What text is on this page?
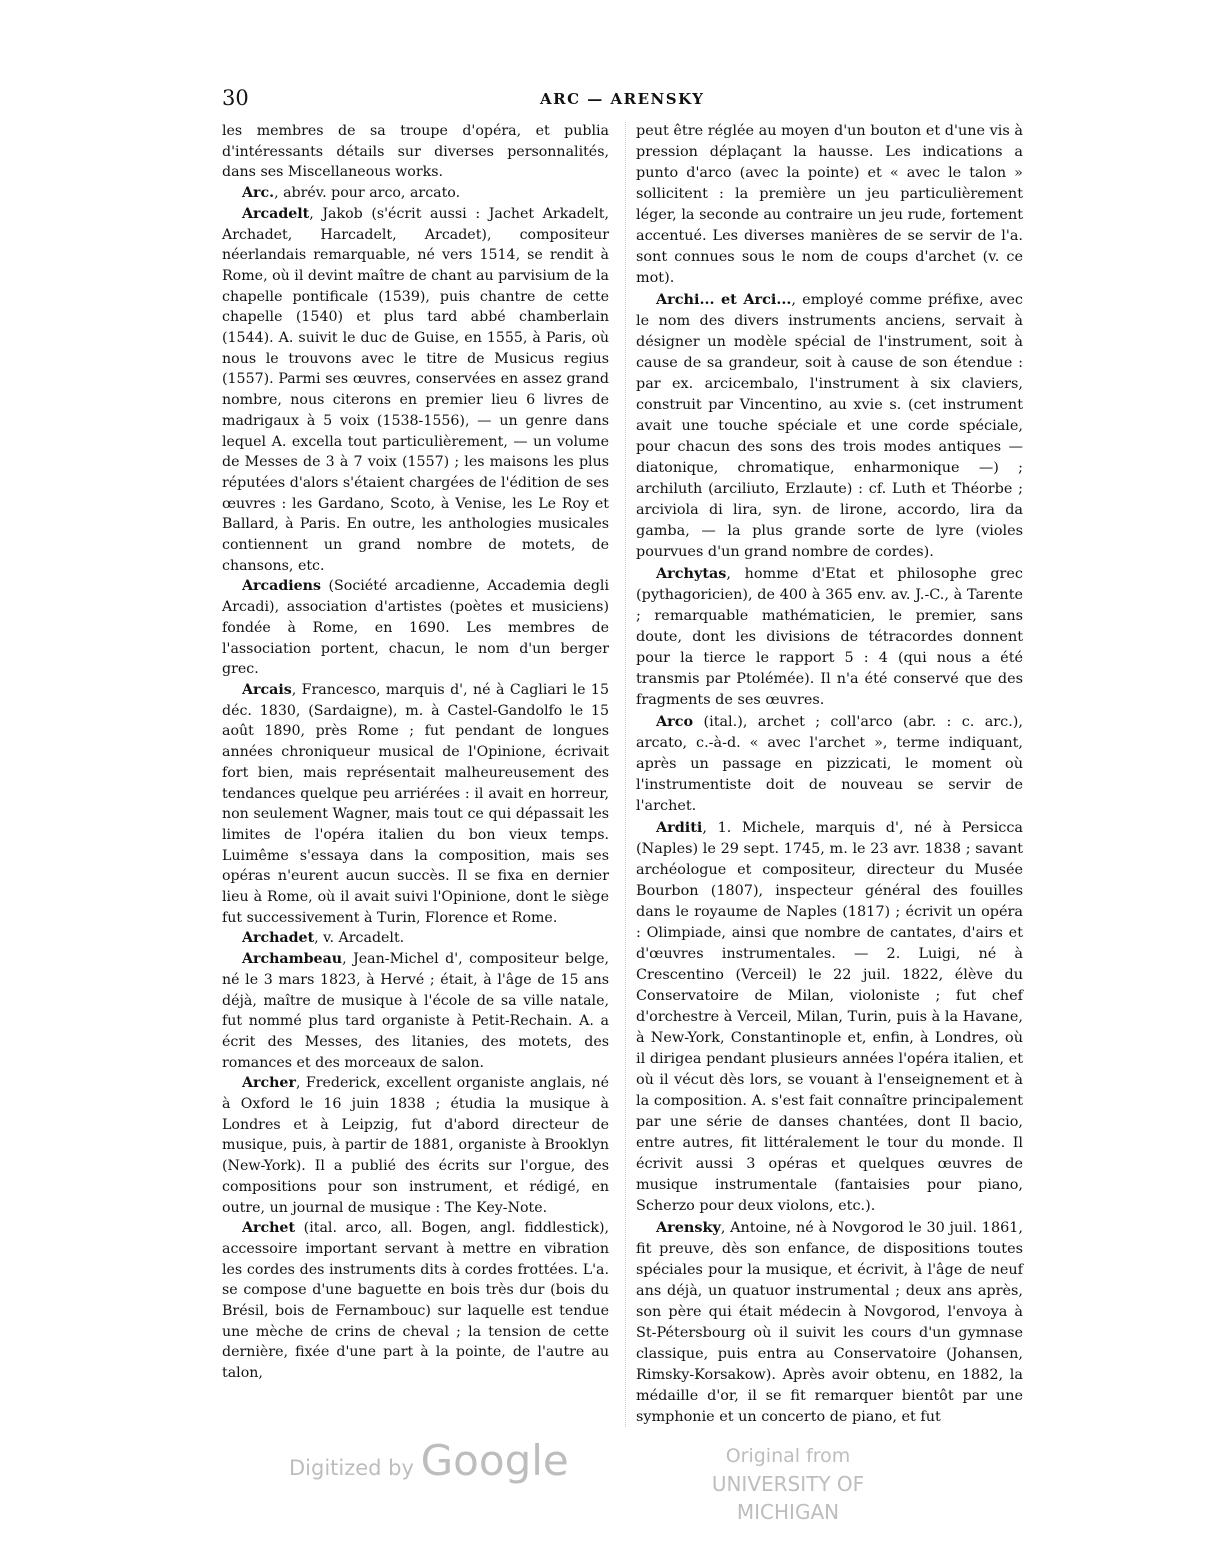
30	ARC — ARENSKY

les membres de sa troupe d'opéra, et publia d'intéressants détails sur diverses personnalités, dans ses Miscellaneous works.

Arc., abrév. pour arco, arcato.

Arcadelt, Jakob (s'écrit aussi : Jachet Arkadelt, Archadet, Harcadelt, Arcadet), compositeur néerlandais remarquable, né vers 1514, se rendit à Rome, où il devint maître de chant au parvisium de la chapelle pontificale (1539), puis chantre de cette chapelle (1540) et plus tard abbé chamberlain (1544). A. suivit le duc de Guise, en 1555, à Paris, où nous le trouvons avec le titre de Musicus regius (1557). Parmi ses œuvres, conservées en assez grand nombre, nous citerons en premier lieu 6 livres de madrigaux à 5 voix (1538-1556), — un genre dans lequel A. excella tout particulièrement, — un volume de Messes de 3 à 7 voix (1557) ; les maisons les plus réputées d'alors s'étaient chargées de l'édition de ses œuvres : les Gardano, Scoto, à Venise, les Le Roy et Ballard, à Paris. En outre, les anthologies musicales contiennent un grand nombre de motets, de chansons, etc.

Arcadiens (Société arcadienne, Accademia degli Arcadi), association d'artistes (poètes et musiciens) fondée à Rome, en 1690. Les membres de l'association portent, chacun, le nom d'un berger grec.

Arcais, Francesco, marquis d', né à Cagliari le 15 déc. 1830, (Sardaigne), m. à Castel-Gandolfo le 15 août 1890, près Rome ; fut pendant de longues années chroniqueur musical de l'Opinione, écrivait fort bien, mais représentait malheureusement des tendances quelque peu arriérées : il avait en horreur, non seulement Wagner, mais tout ce qui dépassait les limites de l'opéra italien du bon vieux temps. Luimême s'essaya dans la composition, mais ses opéras n'eurent aucun succès. Il se fixa en dernier lieu à Rome, où il avait suivi l'Opinione, dont le siège fut successivement à Turin, Florence et Rome.

Archadet, v. Arcadelt.

Archambeau, Jean-Michel d', compositeur belge, né le 3 mars 1823, à Hervé ; était, à l'âge de 15 ans déjà, maître de musique à l'école de sa ville natale, fut nommé plus tard organiste à Petit-Rechain. A. a écrit des Messes, des litanies, des motets, des romances et des morceaux de salon.

Archer, Frederick, excellent organiste anglais, né à Oxford le 16 juin 1838 ; étudia la musique à Londres et à Leipzig, fut d'abord directeur de musique, puis, à partir de 1881, organiste à Brooklyn (New-York). Il a publié des écrits sur l'orgue, des compositions pour son instrument, et rédigé, en outre, un journal de musique : The Key-Note.

Archet (ital. arco, all. Bogen, angl. fiddlestick), accessoire important servant à mettre en vibration les cordes des instruments dits à cordes frottées. L'a. se compose d'une baguette en bois très dur (bois du Brésil, bois de Fernambouc) sur laquelle est tendue une mèche de crins de cheval ; la tension de cette dernière, fixée d'une part à la pointe, de l'autre au talon,

peut être réglée au moyen d'un bouton et d'une vis à pression déplaçant la hausse. Les indications a punto d'arco (avec la pointe) et « avec le talon » sollicitent : la première un jeu particulièrement léger, la seconde au contraire un jeu rude, fortement accentué. Les diverses manières de se servir de l'a. sont connues sous le nom de coups d'archet (v. ce mot).

Archi... et Arci..., employé comme préfixe, avec le nom des divers instruments anciens, servait à désigner un modèle spécial de l'instrument, soit à cause de sa grandeur, soit à cause de son étendue : par ex. arcicembalo, l'instrument à six claviers, construit par Vincentino, au xvie s. (cet instrument avait une touche spéciale et une corde spéciale, pour chacun des sons des trois modes antiques — diatonique, chromatique, enharmonique —) ; archiluth (arciliuto, Erzlaute) : cf. Luth et Théorbe ; arciviola di lira, syn. de lirone, accordo, lira da gamba, — la plus grande sorte de lyre (violes pourvues d'un grand nombre de cordes).

Archytas, homme d'Etat et philosophe grec (pythagoricien), de 400 à 365 env. av. J.-C., à Tarente ; remarquable mathématicien, le premier, sans doute, dont les divisions de tétracordes donnent pour la tierce le rapport 5 : 4 (qui nous a été transmis par Ptolémée). Il n'a été conservé que des fragments de ses œuvres.

Arco (ital.), archet ; coll'arco (abr. : c. arc.), arcato, c.-à-d. « avec l'archet », terme indiquant, après un passage en pizzicati, le moment où l'instrumentiste doit de nouveau se servir de l'archet.

Arditi, 1. Michele, marquis d', né à Persicca (Naples) le 29 sept. 1745, m. le 23 avr. 1838 ; savant archéologue et compositeur, directeur du Musée Bourbon (1807), inspecteur général des fouilles dans le royaume de Naples (1817) ; écrivit un opéra : Olimpiade, ainsi que nombre de cantates, d'airs et d'œuvres instrumentales. — 2. Luigi, né à Crescentino (Verceil) le 22 juil. 1822, élève du Conservatoire de Milan, violoniste ; fut chef d'orchestre à Verceil, Milan, Turin, puis à la Havane, à New-York, Constantinople et, enfin, à Londres, où il dirigea pendant plusieurs années l'opéra italien, et où il vécut dès lors, se vouant à l'enseignement et à la composition. A. s'est fait connaître principalement par une série de danses chantées, dont Il bacio, entre autres, fit littéralement le tour du monde. Il écrivit aussi 3 opéras et quelques œuvres de musique instrumentale (fantaisies pour piano, Scherzo pour deux violons, etc.).

Arensky, Antoine, né à Novgorod le 30 juil. 1861, fit preuve, dès son enfance, de dispositions toutes spéciales pour la musique, et écrivit, à l'âge de neuf ans déjà, un quatuor instrumental ; deux ans après, son père qui était médecin à Novgorod, l'envoya à St-Pétersbourg où il suivit les cours d'un gymnase classique, puis entra au Conservatoire (Johansen, Rimsky-Korsakow). Après avoir obtenu, en 1882, la médaille d'or, il se fit remarquer bientôt par une symphonie et un concerto de piano, et fut

Digitized by Google	Original from
UNIVERSITY OF MICHIGAN
